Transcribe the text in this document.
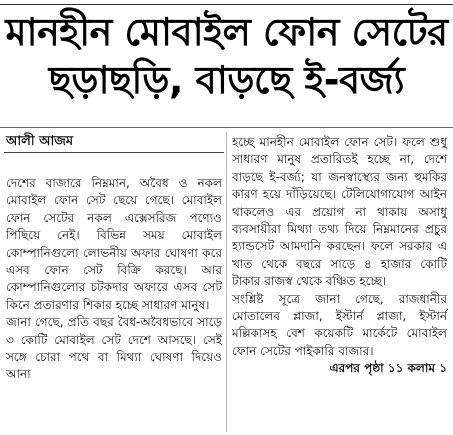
মানহীন মোবাইল ফোন সেটের
ছড়াছড়ি, বাড়ছে ই-বর্জ্য
আলী আজম

দেশের বাজারে নিম্নমান, অবৈধ ও নকল মোবাইল ফোন সেট ছেয়ে গেছে। মোবাইল ফোন সেটের নকল এক্সেসরিজ পণ্যেও পিছিয়ে নেই। বিভিন্ন সময় মোবাইল কোম্পানিগুলো লোভনীয় অফার ঘোষণা করে এসব ফোন সেট বিক্রি করছে। আর কোম্পানিগুলোর চটকদার অফারে এসব সেট কিনে প্রতারণার শিকার হচ্ছে সাধারণ মানুষ।

জানা গেছে, প্রতি বছর বৈধ-অবৈধভাবে সাড়ে ৩ কোটি মোবাইল সেট দেশে আসছে। সেই সঙ্গে চোরা পথে বা মিথ্যা ঘোষণা দিয়েও আনা

হচ্ছে মানহীন মোবাইল ফোন সেট। ফলে শুধু সাধারণ মানুষ প্রতারিতই হচ্ছে না, দেশে বাড়ছে ই-বর্জ্য; যা জনস্বাস্থ্যের জন্য হুমকির কারণ হয়ে দাঁড়িয়েছে। টেলিযোগাযোগ আইন থাকলেও এর প্রয়োগ না থাকায় অসাধু ব্যবসায়ীরা মিথ্যা তথ্য দিয়ে নিম্নমানের প্রচুর হ্যান্ডসেট আমদানি করছেন। ফলে সরকার এ খাত থেকে বছরে সাড়ে ৪ হাজার কোটি টাকার রাজস্ব থেকে বঞ্চিত হচ্ছে।

সংশ্লিষ্ট সূত্রে জানা গেছে, রাজধানীর মোতালেব প্লাজা, ইস্টার্ন প্লাজা, ইস্টার্ন মল্লিকাসহ বেশ কয়েকটি মার্কেটে মোবাইল ফোন সেটের পাইকারি বাজার।
এরপর পৃষ্ঠা ১১ কলাম ১
